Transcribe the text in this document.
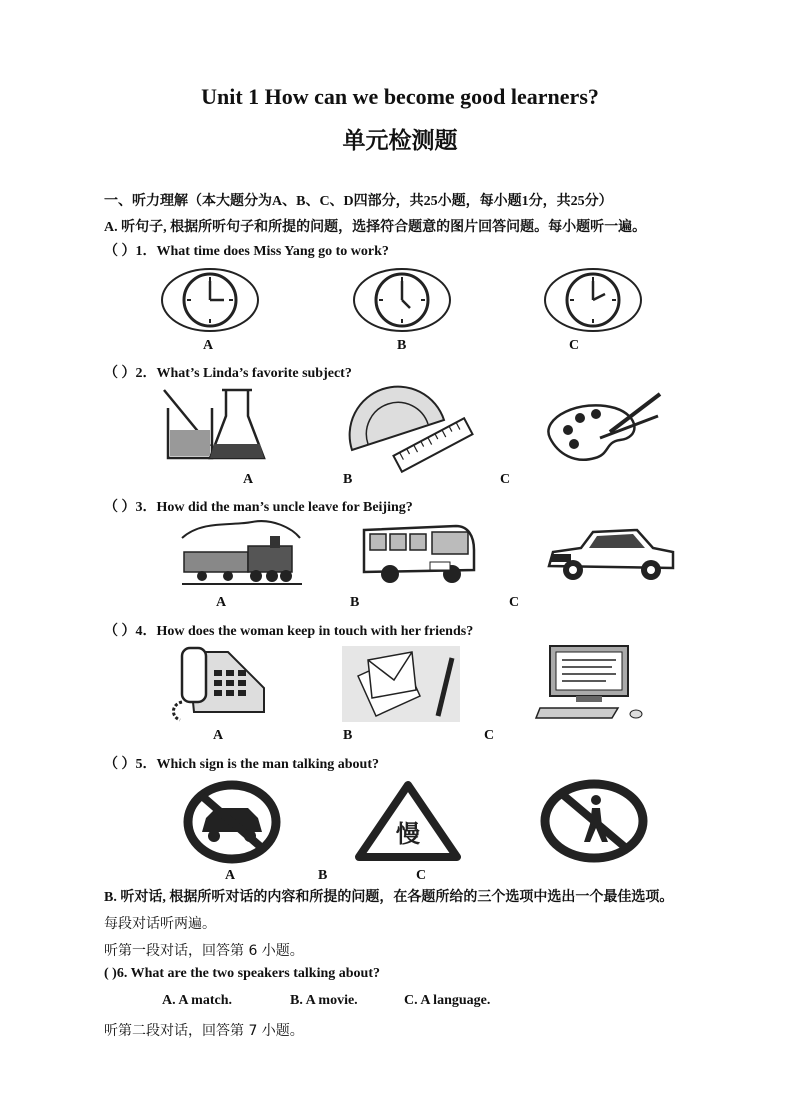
Unit 1 How can we become good learners?
单元检测题
一、听力理解（本大题分为A、B、C、D四部分，共25小题，每小题1分，共25分）
A. 听句子, 根据所听句子和所提的问题，选择符合题意的图片回答问题。每小题听一遍。
（ ）1．What time does Miss Yang go to work?
A	B	C
（ ）2．What’s Linda’s favorite subject?
A	B	C
（ ）3．How did the man’s uncle leave for Beijing?
A	B	C
（ ）4．How does the woman keep in touch with her friends?
A	B	C
（ ）5．Which sign is the man talking about?
慢
A	B	C
B. 听对话, 根据所听对话的内容和所提的问题，在各题所给的三个选项中选出一个最佳选项。
每段对话听两遍。
听第一段对话，回答第 6 小题。
( )6. What are the two speakers talking about?
A. A match.	B. A movie.	C. A language.
听第二段对话，回答第 7 小题。
